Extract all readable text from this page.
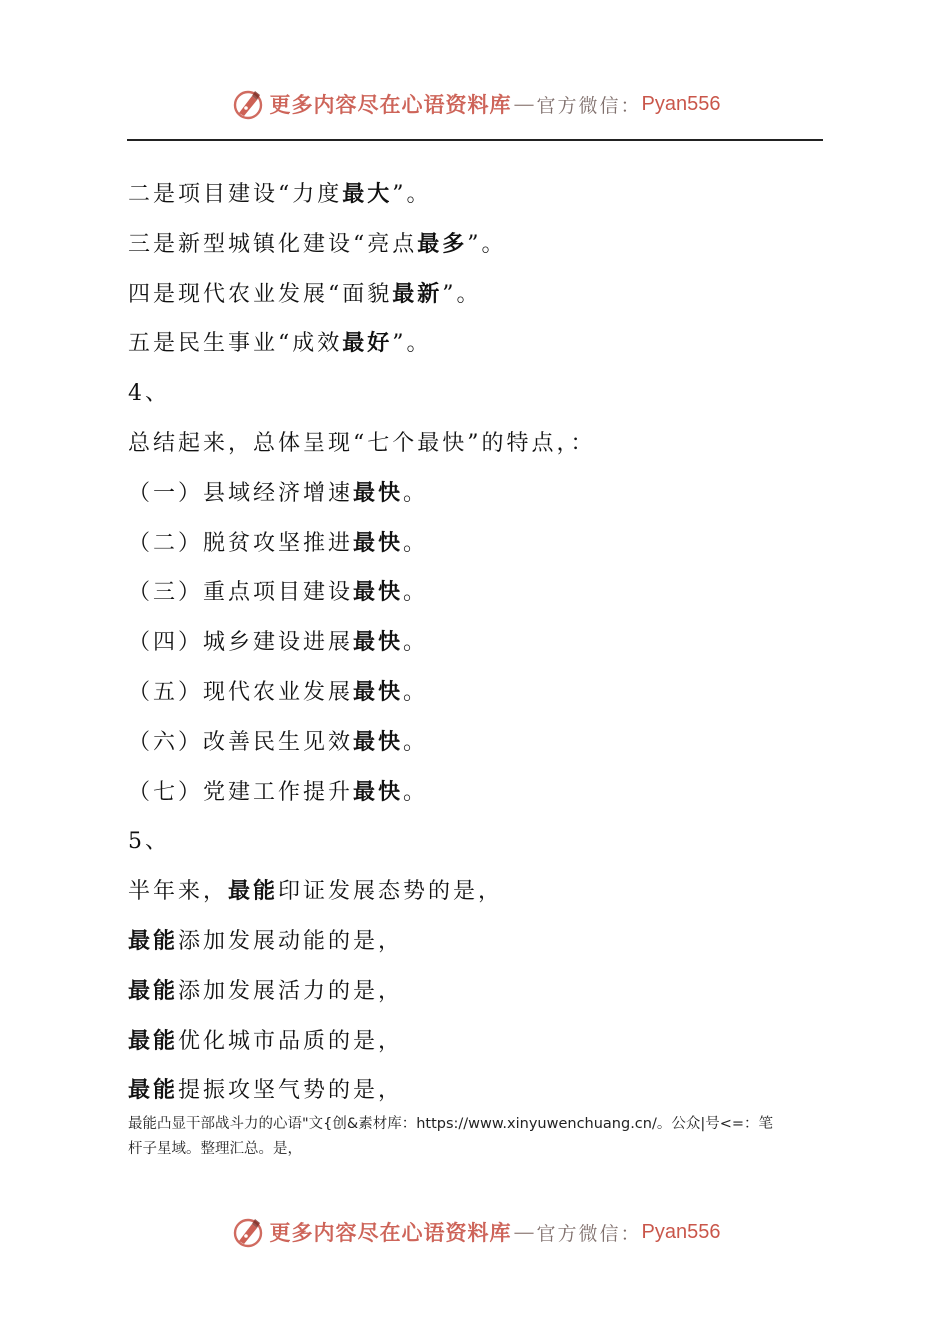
更多内容尽在心语资料库 — 官方微信： Pyan556
二是项目建设“力度最大”。
三是新型城镇化建设“亮点最多”。
四是现代农业发展“面貌最新”。
五是民生事业“成效最好”。
4、
总结起来，总体呈现“七个最快”的特点，：
（一）县域经济增速最快。
（二）脱贫攻坚推进最快。
（三）重点项目建设最快。
（四）城乡建设进展最快。
（五）现代农业发展最快。
（六）改善民生见效最快。
（七）党建工作提升最快。
5、
半年来，最能印证发展态势的是，
最能添加发展动能的是，
最能添加发展活力的是，
最能优化城市品质的是，
最能提振攻坚气势的是，
最能凸显干部战斗力的心语"文{创&素材库：https://www.xinyuwenchuang.cn/。公众|号<=：笔
杆子星域。整理汇总。是，
更多内容尽在心语资料库 — 官方微信： Pyan556
